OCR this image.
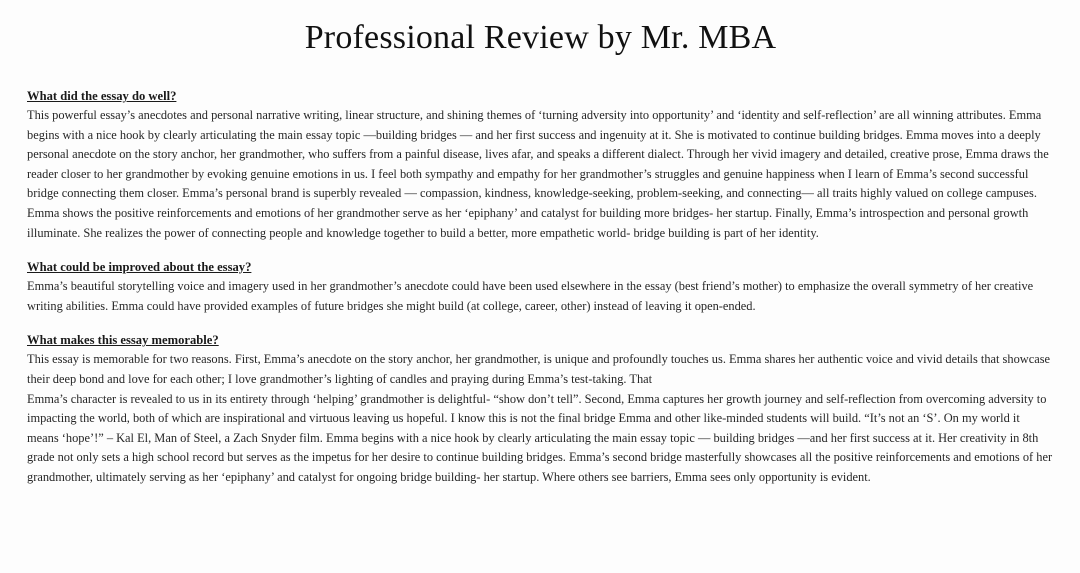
Professional Review by Mr. MBA

What did the essay do well?

This powerful essay’s anecdotes and personal narrative writing, linear structure, and shining themes of ‘turning adversity into opportunity’ and ‘identity and self-reflection’ are all winning attributes. Emma begins with a nice hook by clearly articulating the main essay topic —building bridges — and her first success and ingenuity at it. She is motivated to continue building bridges. Emma moves into a deeply personal anecdote on the story anchor, her grandmother, who suffers from a painful disease, lives afar, and speaks a different dialect. Through her vivid imagery and detailed, creative prose, Emma draws the reader closer to her grandmother by evoking genuine emotions in us. I feel both sympathy and empathy for her grandmother’s struggles and genuine happiness when I learn of Emma’s second successful bridge connecting them closer. Emma’s personal brand is superbly revealed — compassion, kindness, knowledge-seeking, problem-seeking, and connecting— all traits highly valued on college campuses. Emma shows the positive reinforcements and emotions of her grandmother serve as her ‘epiphany’ and catalyst for building more bridges- her startup. Finally, Emma’s introspection and personal growth illuminate. She realizes the power of connecting people and knowledge together to build a better, more empathetic world- bridge building is part of her identity.

What could be improved about the essay?

Emma’s beautiful storytelling voice and imagery used in her grandmother’s anecdote could have been used elsewhere in the essay (best friend’s mother) to emphasize the overall symmetry of her creative writing abilities. Emma could have provided examples of future bridges she might build (at college, career, other) instead of leaving it open-ended.

What makes this essay memorable?

This essay is memorable for two reasons. First, Emma’s anecdote on the story anchor, her grandmother, is unique and profoundly touches us. Emma shares her authentic voice and vivid details that showcase their deep bond and love for each other; I love grandmother’s lighting of candles and praying during Emma’s test-taking. That

Emma’s character is revealed to us in its entirety through ‘helping’ grandmother is delightful- “show don’t tell”. Second, Emma captures her growth journey and self-reflection from overcoming adversity to impacting the world, both of which are inspirational and virtuous leaving us hopeful. I know this is not the final bridge Emma and other like-minded students will build. “It’s not an ‘S’. On my world it means ‘hope’!” – Kal El, Man of Steel, a Zach Snyder film. Emma begins with a nice hook by clearly articulating the main essay topic — building bridges —and her first success at it. Her creativity in 8th grade not only sets a high school record but serves as the impetus for her desire to continue building bridges. Emma’s second bridge masterfully showcases all the positive reinforcements and emotions of her grandmother, ultimately serving as her ‘epiphany’ and catalyst for ongoing bridge building- her startup. Where others see barriers, Emma sees only opportunity is evident.
